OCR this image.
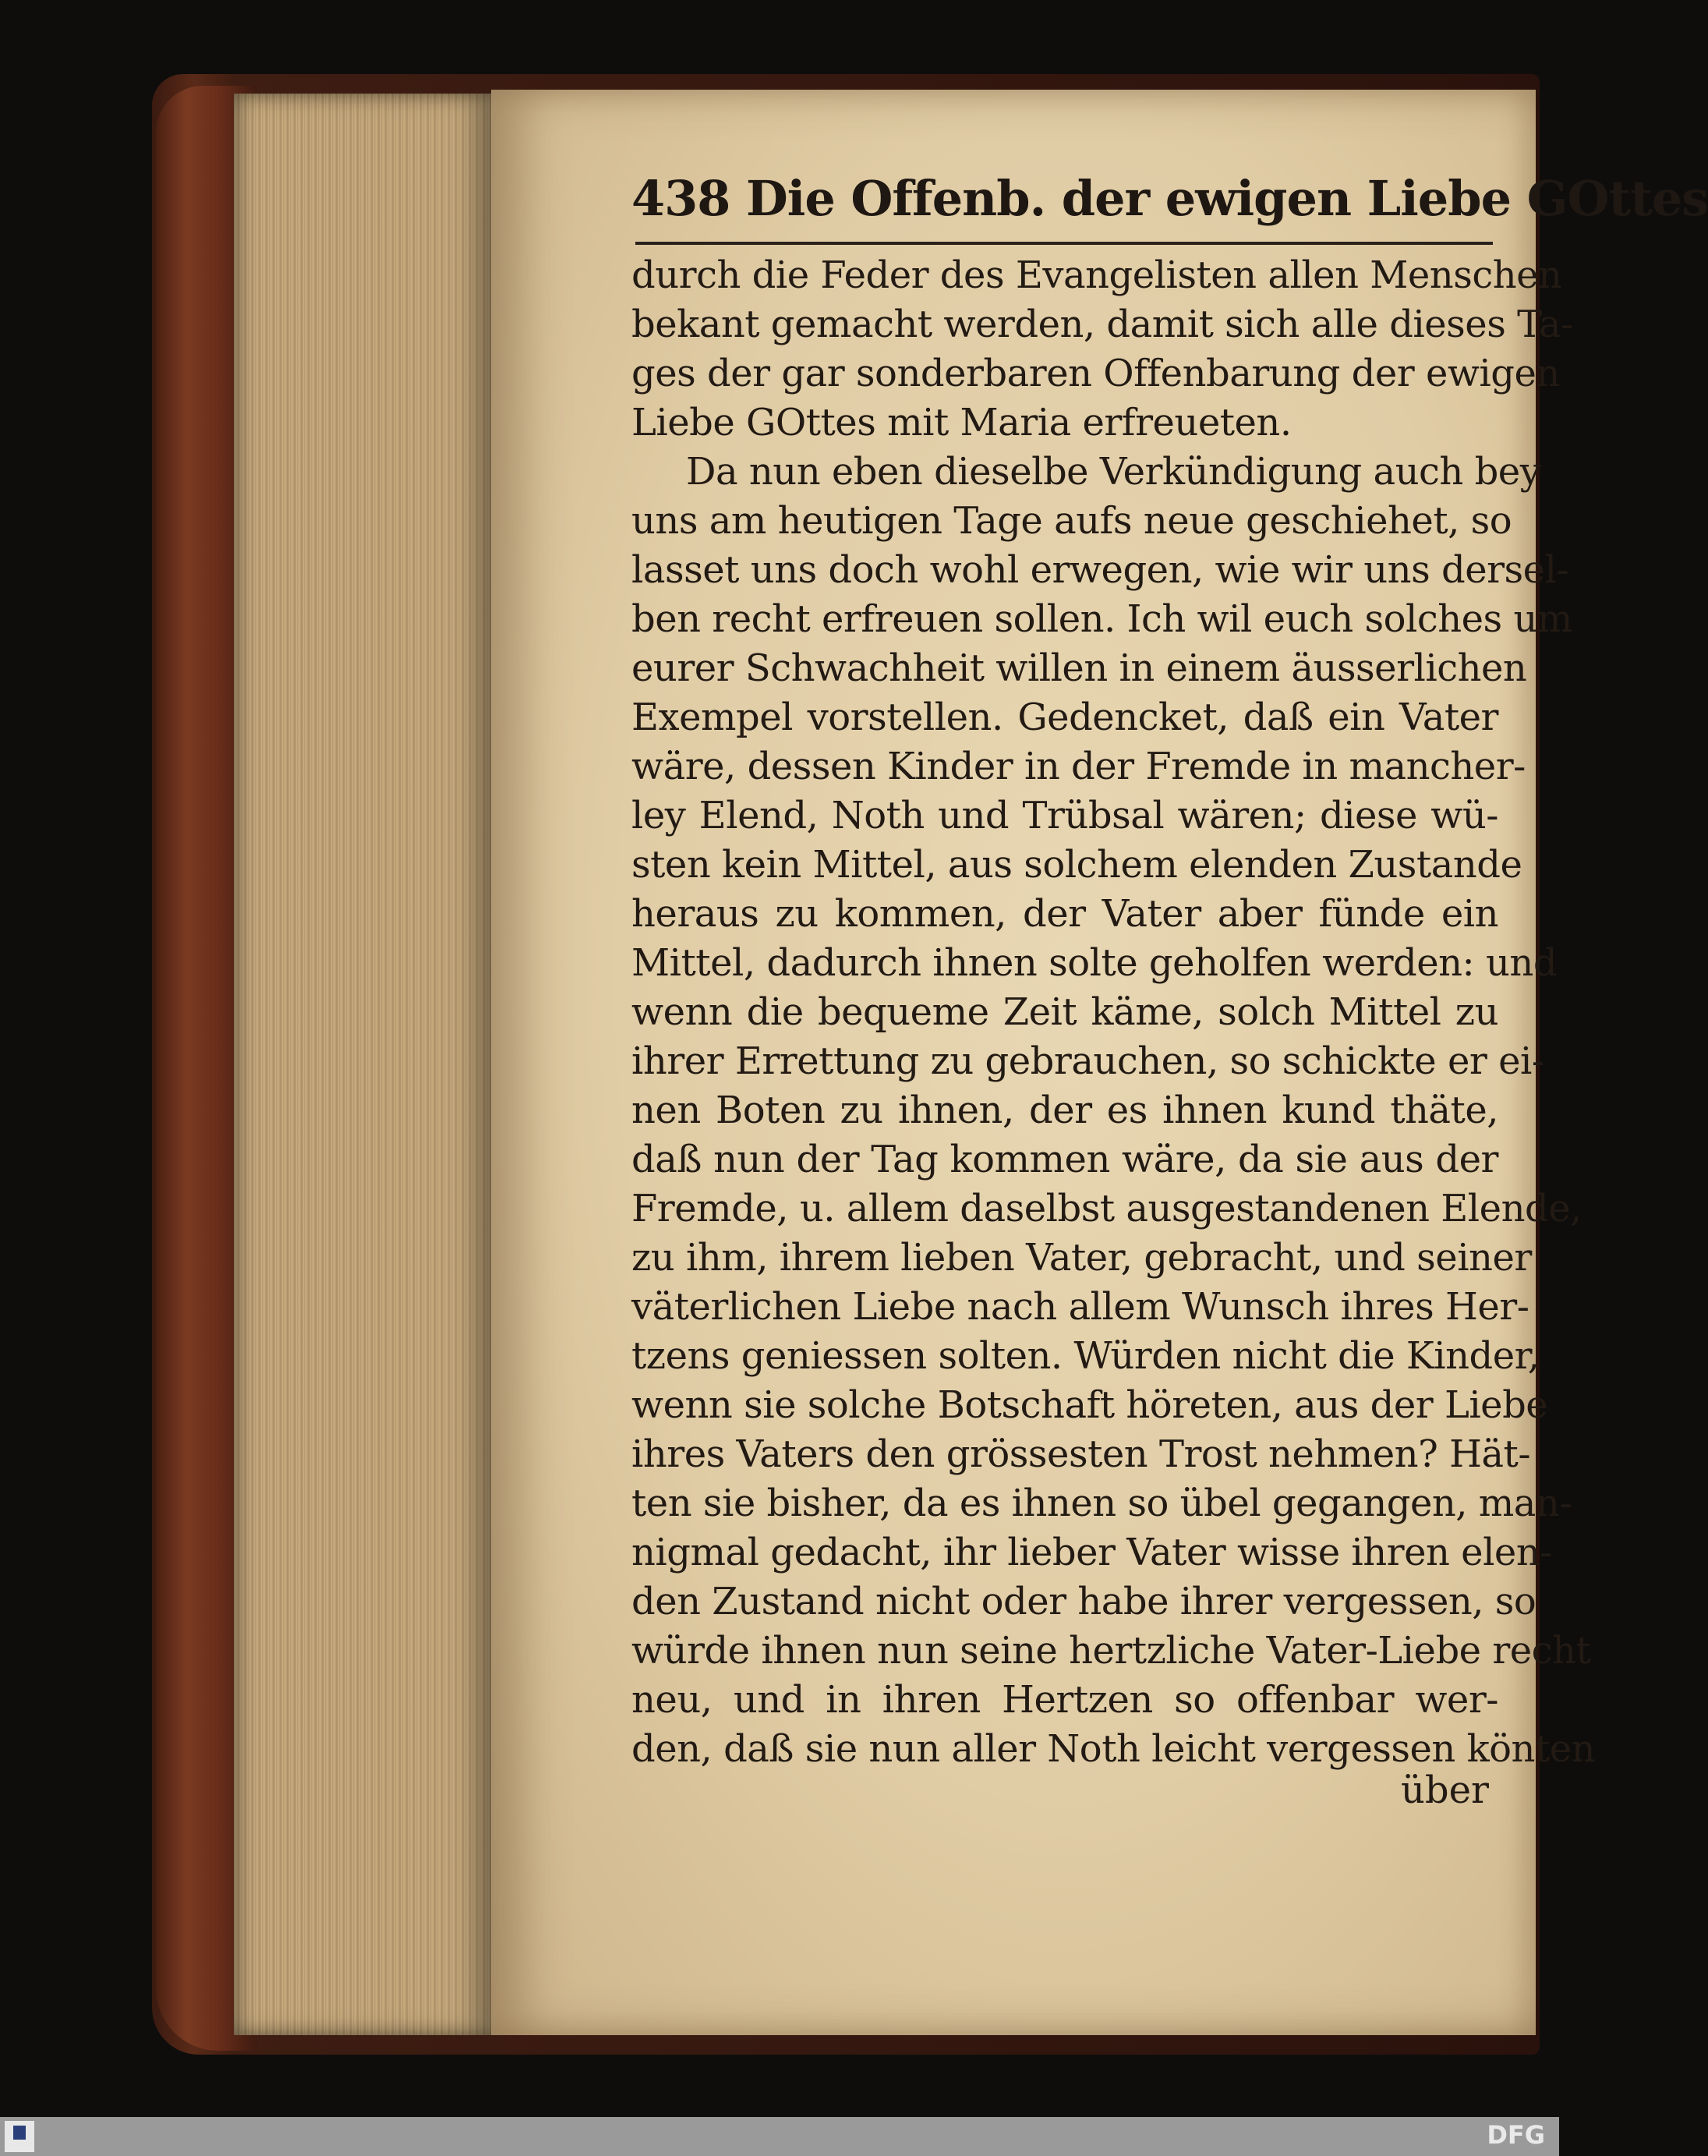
438 Die Offenb. der ewigen Liebe GOttes
durch die Feder des Evangelisten allen Menschen
bekant gemacht werden, damit sich alle dieses Ta-
ges der gar sonderbaren Offenbarung der ewigen
Liebe GOttes mit Maria erfreueten.
Da nun eben dieselbe Verkündigung auch bey
uns am heutigen Tage aufs neue geschiehet, so
lasset uns doch wohl erwegen, wie wir uns dersel-
ben recht erfreuen sollen. Ich wil euch solches um
eurer Schwachheit willen in einem äusserlichen
Exempel vorstellen. Gedencket, daß ein Vater
wäre, dessen Kinder in der Fremde in mancher-
ley Elend, Noth und Trübsal wären; diese wü-
sten kein Mittel, aus solchem elenden Zustande
heraus zu kommen, der Vater aber fünde ein
Mittel, dadurch ihnen solte geholfen werden: und
wenn die bequeme Zeit käme, solch Mittel zu
ihrer Errettung zu gebrauchen, so schickte er ei-
nen Boten zu ihnen, der es ihnen kund thäte,
daß nun der Tag kommen wäre, da sie aus der
Fremde, u. allem daselbst ausgestandenen Elende,
zu ihm, ihrem lieben Vater, gebracht, und seiner
väterlichen Liebe nach allem Wunsch ihres Her-
tzens geniessen solten. Würden nicht die Kinder,
wenn sie solche Botschaft höreten, aus der Liebe
ihres Vaters den grössesten Trost nehmen? Hät-
ten sie bisher, da es ihnen so übel gegangen, man-
nigmal gedacht, ihr lieber Vater wisse ihren elen-
den Zustand nicht oder habe ihrer vergessen, so
würde ihnen nun seine hertzliche Vater-Liebe recht
neu, und in ihren Hertzen so offenbar wer-
den, daß sie nun aller Noth leicht vergessen könten
über
DFG
